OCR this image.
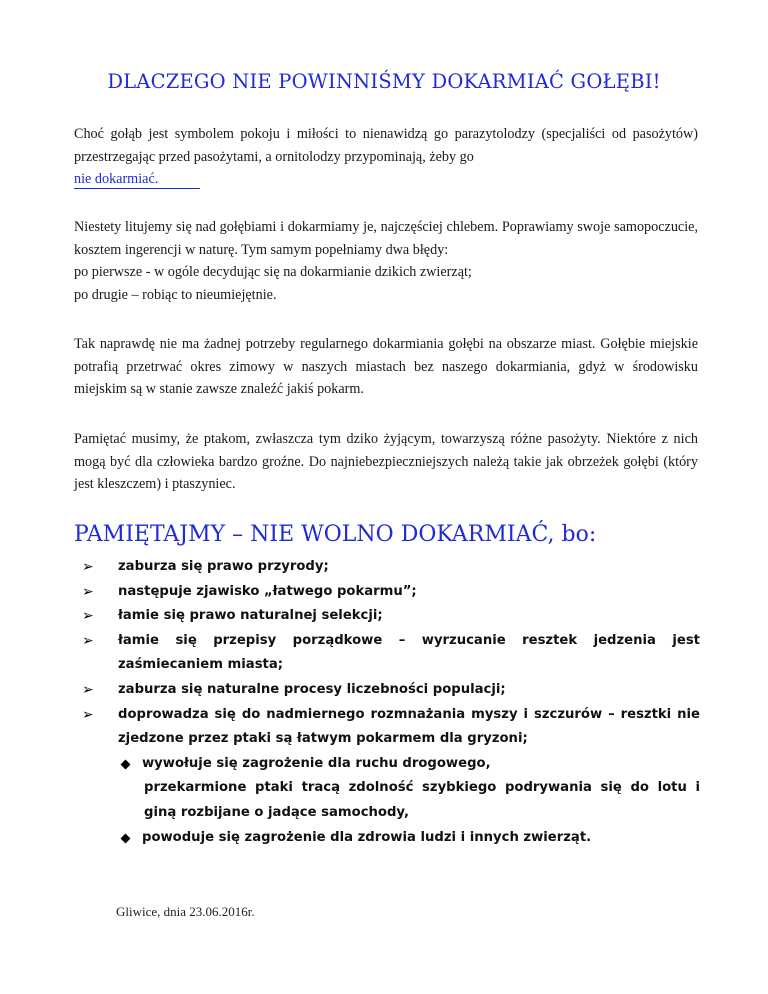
DLACZEGO NIE POWINNIŚMY DOKARMIAĆ GOŁĘBI!
Choć gołąb jest symbolem pokoju i miłości to nienawidzą go parazytolodzy (specjaliści od pasożytów) przestrzegając przed pasożytami, a ornitolodzy przypominają, żeby go
nie dokarmiać.
Niestety litujemy się nad gołębiami i dokarmiamy je, najczęściej chlebem. Poprawiamy swoje samopoczucie, kosztem ingerencji w naturę. Tym samym popełniamy dwa błędy:
po pierwsze - w ogóle decydując się na dokarmianie dzikich zwierząt;
po drugie – robiąc to nieumiejętnie.
Tak naprawdę nie ma żadnej potrzeby regularnego dokarmiania gołębi na obszarze miast. Gołębie miejskie potrafią przetrwać okres zimowy w naszych miastach bez naszego dokarmiania, gdyż w środowisku miejskim są w stanie zawsze znaleźć jakiś pokarm.
Pamiętać musimy, że ptakom, zwłaszcza tym dziko żyjącym, towarzyszą różne pasożyty. Niektóre z nich mogą być dla człowieka bardzo groźne. Do najniebezpieczniejszych należą takie jak obrzeżek gołębi (który jest kleszczem) i ptaszyniec.
PAMIĘTAJMY – NIE WOLNO DOKARMIAĆ, bo:
➢ zaburza się prawo przyrody;
➢ następuje zjawisko „łatwego pokarmu”;
➢ łamie się prawo naturalnej selekcji;
➢ łamie się przepisy porządkowe – wyrzucanie resztek jedzenia jest zaśmiecaniem miasta;
➢ zaburza się naturalne procesy liczebności populacji;
➢ doprowadza się do nadmiernego rozmnażania myszy i szczurów – resztki nie zjedzone przez ptaki są łatwym pokarmem dla gryzoni;
wywołuje się zagrożenie dla ruchu drogowego,
przekarmione ptaki tracą zdolność szybkiego podrywania się do lotu i giną rozbijane o jadące samochody,
powoduje się zagrożenie dla zdrowia ludzi i innych zwierząt.
Gliwice, dnia 23.06.2016r.
